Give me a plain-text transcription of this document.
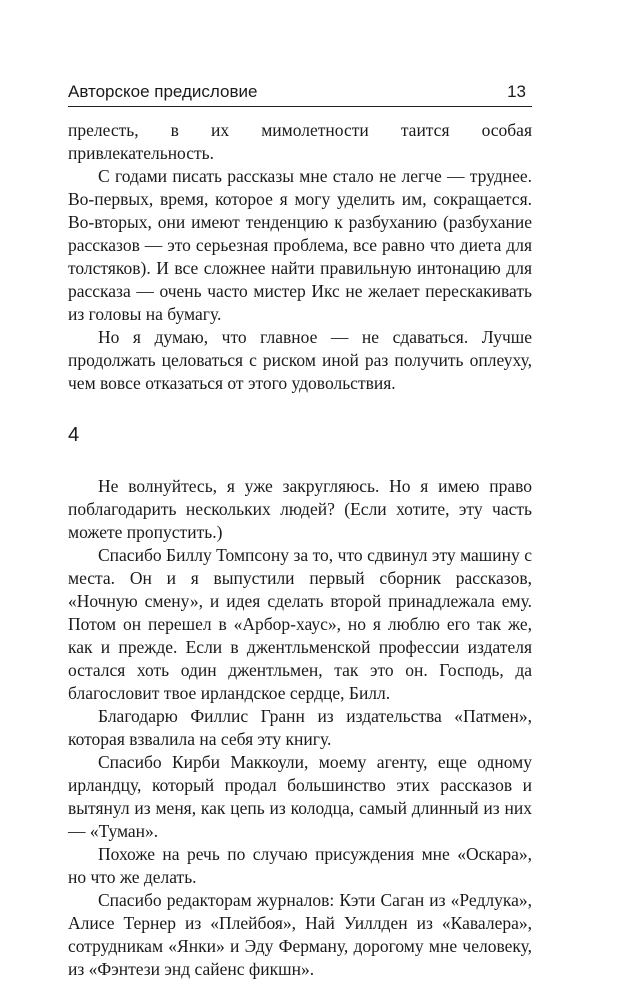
Авторское предисловие	13

прелесть, в их мимолетности таится особая привлекательность.

С годами писать рассказы мне стало не легче — труднее. Во-первых, время, которое я могу уделить им, сокращается. Во-вторых, они имеют тенденцию к разбуханию (разбухание рассказов — это серьезная проблема, все равно что диета для толстяков). И все сложнее найти правильную интонацию для рассказа — очень часто мистер Икс не желает перескакивать из головы на бумагу.

Но я думаю, что главное — не сдаваться. Лучше продолжать целоваться с риском иной раз получить оплеуху, чем вовсе отказаться от этого удовольствия.

4

Не волнуйтесь, я уже закругляюсь. Но я имею право поблагодарить нескольких людей? (Если хотите, эту часть можете пропустить.)

Спасибо Биллу Томпсону за то, что сдвинул эту машину с места. Он и я выпустили первый сборник рассказов, «Ночную смену», и идея сделать второй принадлежала ему. Потом он перешел в «Арбор-хаус», но я люблю его так же, как и прежде. Если в джентльменской профессии издателя остался хоть один джентльмен, так это он. Господь, да благословит твое ирландское сердце, Билл.

Благодарю Филлис Гранн из издательства «Патмен», которая взвалила на себя эту книгу.

Спасибо Кирби Маккоули, моему агенту, еще одному ирландцу, который продал большинство этих рассказов и вытянул из меня, как цепь из колодца, самый длинный из них — «Туман».

Похоже на речь по случаю присуждения мне «Оскара», но что же делать.

Спасибо редакторам журналов: Кэти Саган из «Редлука», Алисе Тернер из «Плейбоя», Най Уиллден из «Кавалера», сотрудникам «Янки» и Эду Ферману, дорогому мне человеку, из «Фэнтези энд сайенс фикшн».
